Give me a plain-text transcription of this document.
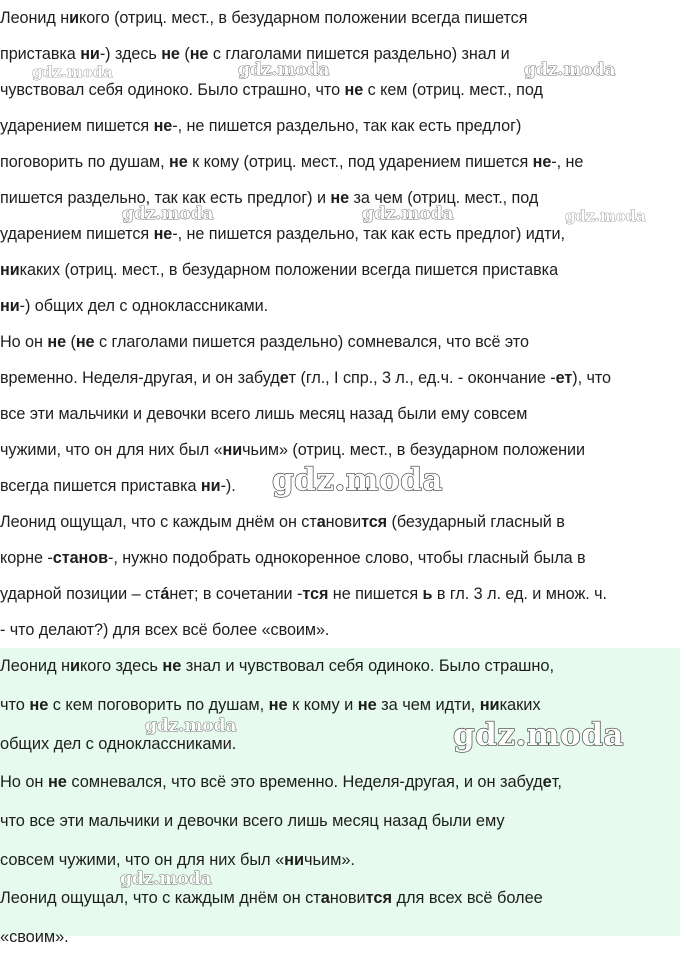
Леонид никого (отриц. мест., в безударном положении всегда пишется
приставка ни-) здесь не (не с глаголами пишется раздельно) знал и
чувствовал себя одиноко. Было страшно, что не с кем (отриц. мест., под
ударением пишется не-, не пишется раздельно, так как есть предлог)
поговорить по душам, не к кому (отриц. мест., под ударением пишется не-, не
пишется раздельно, так как есть предлог) и не за чем (отриц. мест., под
ударением пишется не-, не пишется раздельно, так как есть предлог) идти,
никаких (отриц. мест., в безударном положении всегда пишется приставка
ни-) общих дел с одноклассниками.
Но он не (не с глаголами пишется раздельно) сомневался, что всё это
временно. Неделя-другая, и он забудет (гл., I спр., 3 л., ед.ч. - окончание -ет), что
все эти мальчики и девочки всего лишь месяц назад были ему совсем
чужими, что он для них был «ничьим» (отриц. мест., в безударном положении
всегда пишется приставка ни-).
Леонид ощущал, что с каждым днём он становится (безударный гласный в
корне -станов-, нужно подобрать однокоренное слово, чтобы гласный была в
ударной позиции – стáнет; в сочетании -тся не пишется ь в гл. 3 л. ед. и множ. ч.
- что делают?) для всех всё более «своим».
Леонид никого здесь не знал и чувствовал себя одиноко. Было страшно,
что не с кем поговорить по душам, не к кому и не за чем идти, никаких
общих дел с одноклассниками.
Но он не сомневался, что всё это временно. Неделя-другая, и он забудет,
что все эти мальчики и девочки всего лишь месяц назад были ему
совсем чужими, что он для них был «ничьим».
Леонид ощущал, что с каждым днём он становится для всех всё более
«своим».
gdz.moda	gdz.moda	gdz.moda
gdz.moda	gdz.moda	gdz.moda
gdz.moda
gdz.moda	gdz.moda
gdz.moda
